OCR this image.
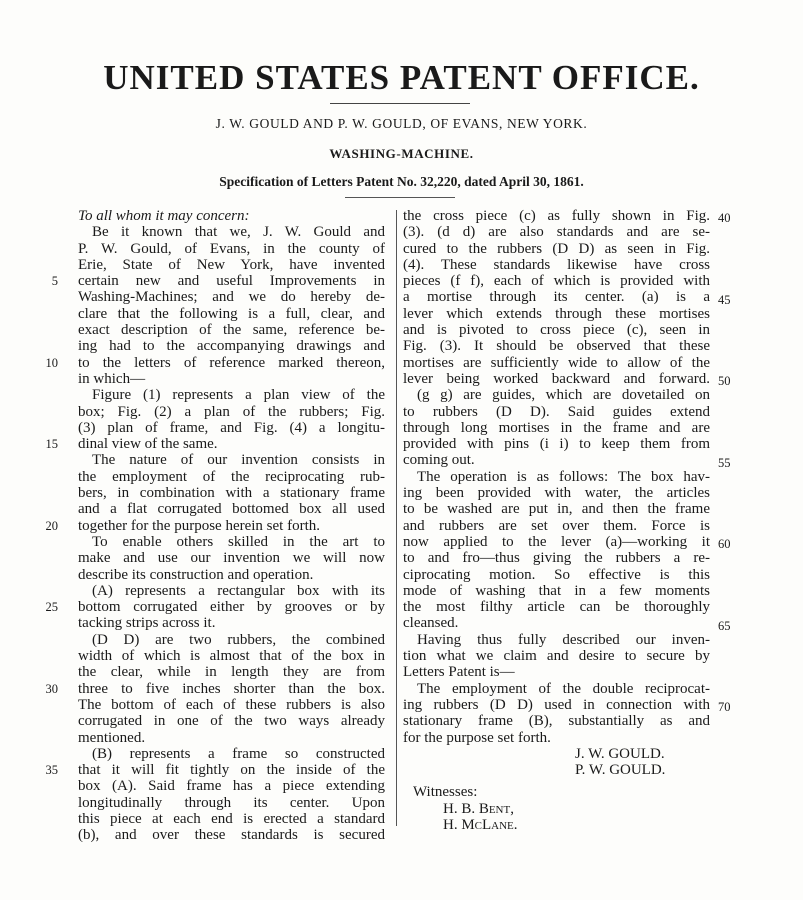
UNITED STATES PATENT OFFICE.
J. W. GOULD AND P. W. GOULD, OF EVANS, NEW YORK.
WASHING-MACHINE.
Specification of Letters Patent No. 32,220, dated April 30, 1861.
To all whom it may concern:
Be it known that we, J. W. Gould and
P. W. Gould, of Evans, in the county of
Erie, State of New York, have invented
certain new and useful Improvements in
Washing-Machines; and we do hereby de-
clare that the following is a full, clear, and
exact description of the same, reference be-
ing had to the accompanying drawings and
to the letters of reference marked thereon,
in which—
Figure (1) represents a plan view of the
box; Fig. (2) a plan of the rubbers; Fig.
(3) plan of frame, and Fig. (4) a longitu-
dinal view of the same.
The nature of our invention consists in
the employment of the reciprocating rub-
bers, in combination with a stationary frame
and a flat corrugated bottomed box all used
together for the purpose herein set forth.
To enable others skilled in the art to
make and use our invention we will now
describe its construction and operation.
(A) represents a rectangular box with its
bottom corrugated either by grooves or by
tacking strips across it.
(D D) are two rubbers, the combined
width of which is almost that of the box in
the clear, while in length they are from
three to five inches shorter than the box.
The bottom of each of these rubbers is also
corrugated in one of the two ways already
mentioned.
(B) represents a frame so constructed
that it will fit tightly on the inside of the
box (A). Said frame has a piece extending
longitudinally through its center. Upon
this piece at each end is erected a standard
(b), and over these standards is secured
the cross piece (c) as fully shown in Fig.
(3). (d d) are also standards and are se-
cured to the rubbers (D D) as seen in Fig.
(4). These standards likewise have cross
pieces (f f), each of which is provided with
a mortise through its center. (a) is a
lever which extends through these mortises
and is pivoted to cross piece (c), seen in
Fig. (3). It should be observed that these
mortises are sufficiently wide to allow of the
lever being worked backward and forward.
(g g) are guides, which are dovetailed on
to rubbers (D D). Said guides extend
through long mortises in the frame and are
provided with pins (i i) to keep them from
coming out.
The operation is as follows: The box hav-
ing been provided with water, the articles
to be washed are put in, and then the frame
and rubbers are set over them. Force is
now applied to the lever (a)—working it
to and fro—thus giving the rubbers a re-
ciprocating motion. So effective is this
mode of washing that in a few moments
the most filthy article can be thoroughly
cleansed.
Having thus fully described our inven-
tion what we claim and desire to secure by
Letters Patent is—
The employment of the double reciprocat-
ing rubbers (D D) used in connection with
stationary frame (B), substantially as and
for the purpose set forth.
J. W. GOULD.
P. W. GOULD.
Witnesses:
H. B. Bent,
H. McLane.
5
10
15
20
25
30
35
40
45
50
55
60
65
70
